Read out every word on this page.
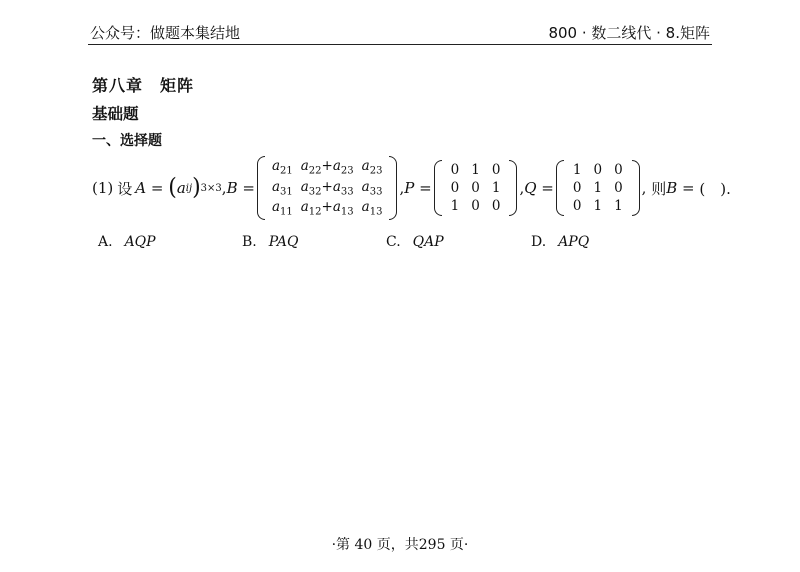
公众号：做题本集结地	800 · 数二线代 · 8.矩阵
第八章　矩阵
基础题
一、选择题
(1) 设 A = ( a ij ) 3×3 , B =
$a_{21}$ $a_{22}+a_{23}$ $a_{23}$
$a_{31}$ $a_{32}+a_{33}$ $a_{33}$
$a_{11}$ $a_{12}+a_{13}$ $a_{13}$
, P =
0 1 0
0 0 1
1 0 0
, Q =
1 0 0
0 1 0
0 1 1
, 则 B = (　).
A. AQP	B. PAQ	C. QAP	D. APQ
·第 40 页，共295 页·
